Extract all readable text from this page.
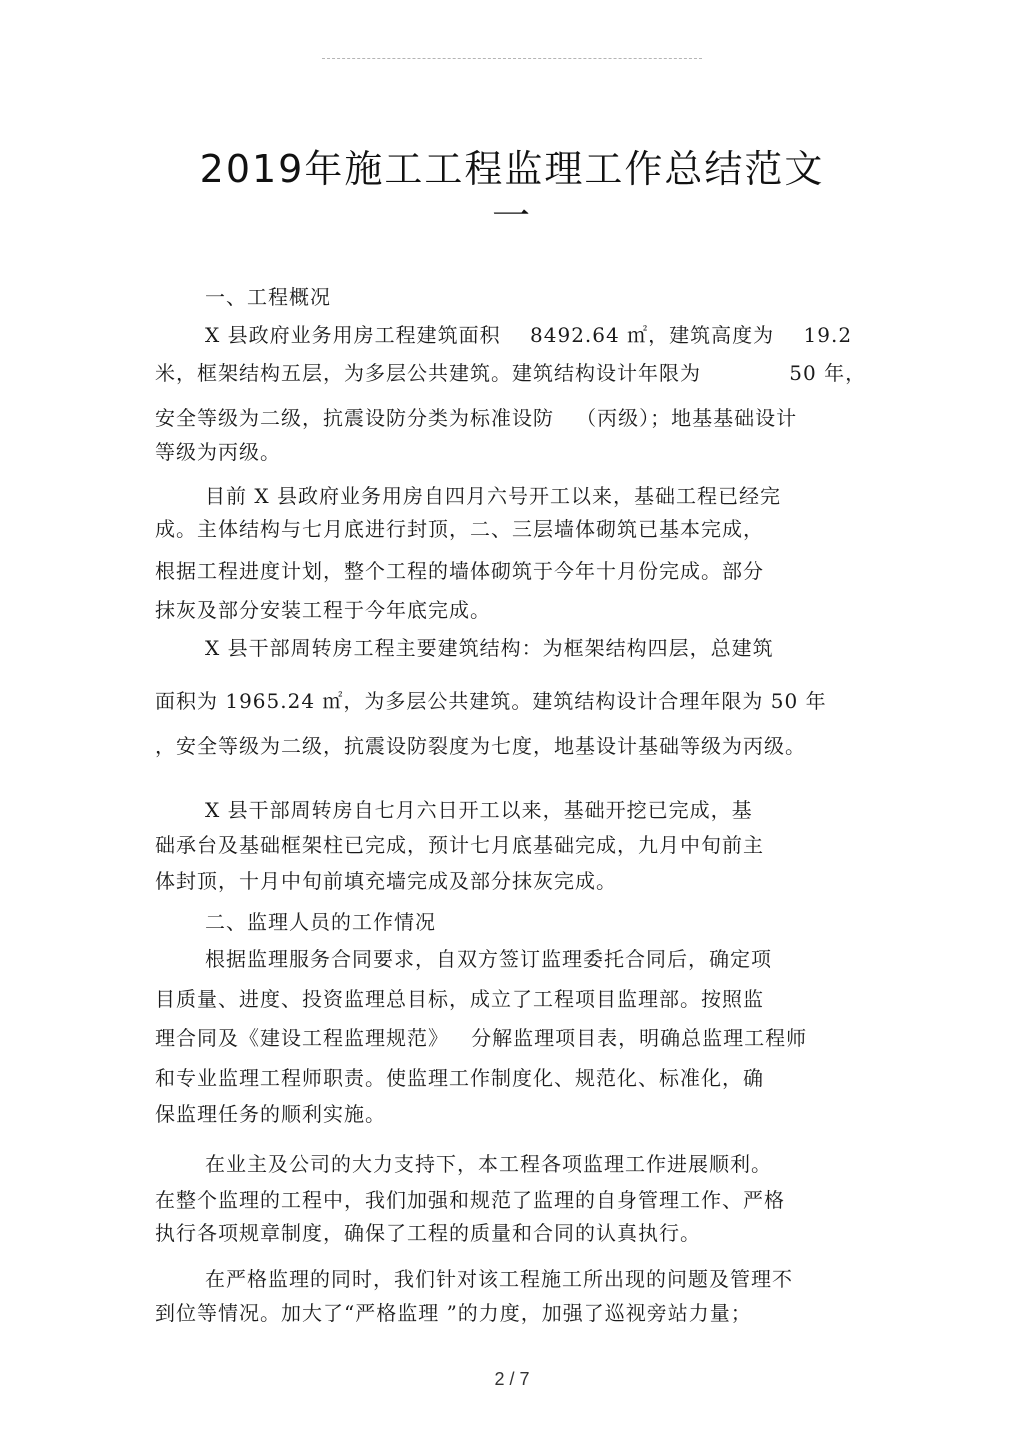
2019年施工工程监理工作总结范文
一
一、工程概况
X 县政府业务用房工程建筑面积    8492.64 ㎡，建筑高度为    19.2
米，框架结构五层，为多层公共建筑。建筑结构设计年限为            50 年，
安全等级为二级，抗震设防分类为标准设防   （丙级）；地基基础设计
等级为丙级。
目前 X 县政府业务用房自四月六号开工以来，基础工程已经完
成。主体结构与七月底进行封顶，二、三层墙体砌筑已基本完成，
根据工程进度计划，整个工程的墙体砌筑于今年十月份完成。部分
抹灰及部分安装工程于今年底完成。
X 县干部周转房工程主要建筑结构：为框架结构四层，总建筑
面积为 1965.24 ㎡，为多层公共建筑。建筑结构设计合理年限为 50 年
，安全等级为二级，抗震设防裂度为七度，地基设计基础等级为丙级。
X 县干部周转房自七月六日开工以来，基础开挖已完成，基
础承台及基础框架柱已完成，预计七月底基础完成，九月中旬前主
体封顶，十月中旬前填充墙完成及部分抹灰完成。
二、监理人员的工作情况
根据监理服务合同要求，自双方签订监理委托合同后，确定项
目质量、进度、投资监理总目标，成立了工程项目监理部。按照监
理合同及《建设工程监理规范》   分解监理项目表，明确总监理工程师
和专业监理工程师职责。使监理工作制度化、规范化、标准化，确
保监理任务的顺利实施。
在业主及公司的大力支持下，本工程各项监理工作进展顺利。
在整个监理的工程中，我们加强和规范了监理的自身管理工作、严格
执行各项规章制度，确保了工程的质量和合同的认真执行。
在严格监理的同时，我们针对该工程施工所出现的问题及管理不
到位等情况。加大了“严格监理 ”的力度，加强了巡视旁站力量；
2 / 7
